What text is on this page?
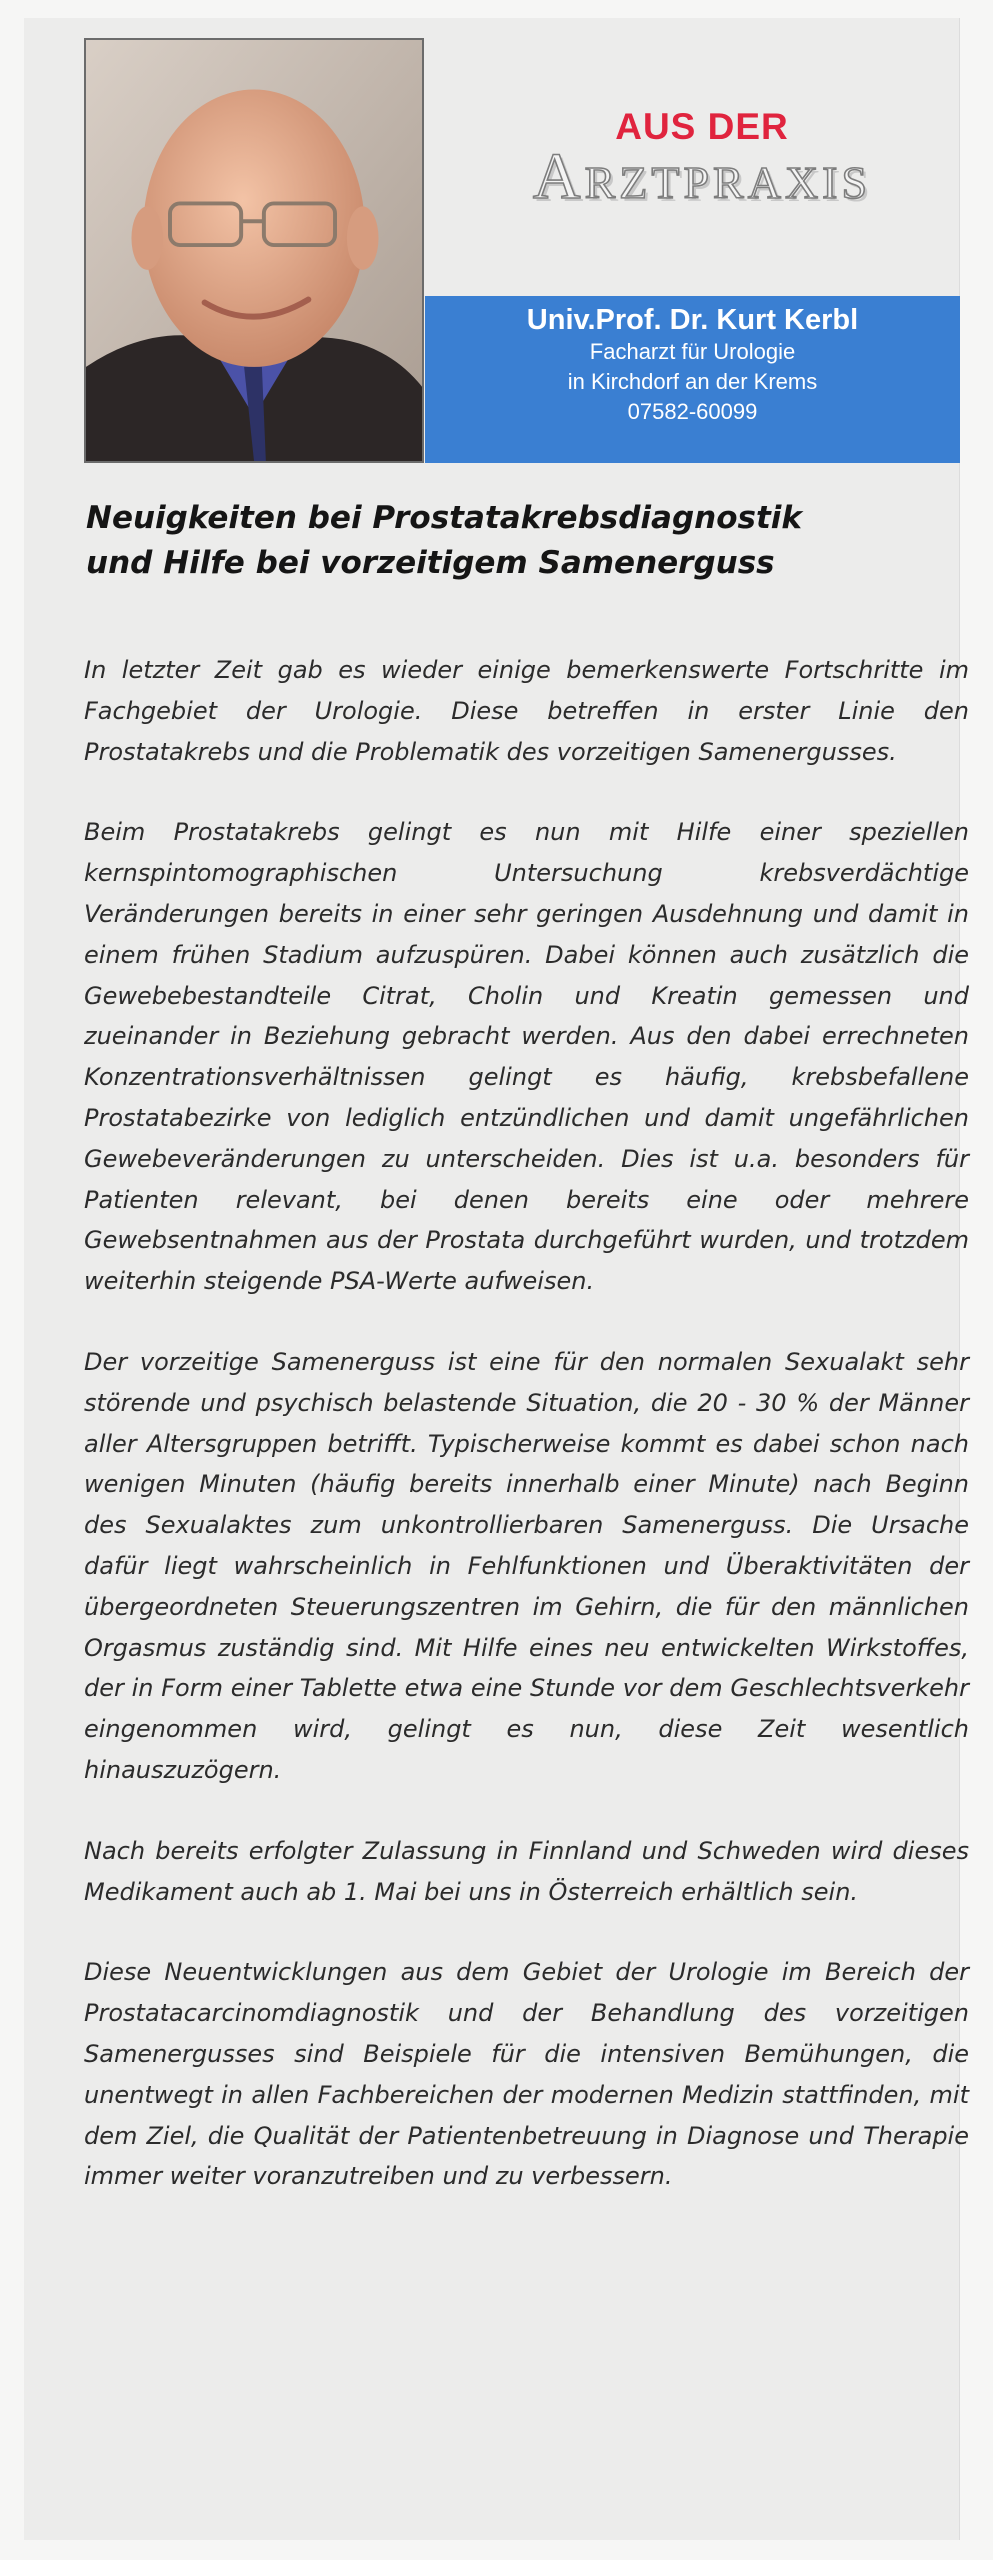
AUS DER
Arztpraxis
Univ.Prof. Dr. Kurt Kerbl
Facharzt für Urologie
in Kirchdorf an der Krems
07582-60099
Neuigkeiten bei Prostatakrebsdiagnostik
und Hilfe bei vorzeitigem Samenerguss

In letzter Zeit gab es wieder einige bemerkenswerte Fortschritte im Fachgebiet der Urologie. Diese betreffen in erster Linie den Prostatakrebs und die Problematik des vorzeitigen Samenergusses.

Beim Prostatakrebs gelingt es nun mit Hilfe einer speziellen kernspintomographischen Untersuchung krebsverdächtige Veränderungen bereits in einer sehr geringen Ausdehnung und damit in einem frühen Stadium aufzuspüren. Dabei können auch zusätzlich die Gewebebestandteile Citrat, Cholin und Kreatin gemessen und zueinander in Beziehung gebracht werden. Aus den dabei errechneten Konzentrationsverhältnissen gelingt es häufig, krebsbefallene Prostatabezirke von lediglich entzündlichen und damit ungefährlichen Gewebeveränderungen zu unterscheiden. Dies ist u.a. besonders für Patienten relevant, bei denen bereits eine oder mehrere Gewebsentnahmen aus der Prostata durchgeführt wurden, und trotzdem weiterhin steigende PSA-Werte aufweisen.

Der vorzeitige Samenerguss ist eine für den normalen Sexualakt sehr störende und psychisch belastende Situation, die 20 - 30 % der Männer aller Altersgruppen betrifft. Typischerweise kommt es dabei schon nach wenigen Minuten (häufig bereits innerhalb einer Minute) nach Beginn des Sexualaktes zum unkontrollierbaren Samenerguss. Die Ursache dafür liegt wahrscheinlich in Fehlfunktionen und Überaktivitäten der übergeordneten Steuerungszentren im Gehirn, die für den männlichen Orgasmus zuständig sind. Mit Hilfe eines neu entwickelten Wirkstoffes, der in Form einer Tablette etwa eine Stunde vor dem Geschlechtsverkehr eingenommen wird, gelingt es nun, diese Zeit wesentlich hinauszuzögern.

Nach bereits erfolgter Zulassung in Finnland und Schweden wird dieses Medikament auch ab 1. Mai bei uns in Österreich erhältlich sein.

Diese Neuentwicklungen aus dem Gebiet der Urologie im Bereich der Prostatacarcinomdiagnostik und der Behandlung des vorzeitigen Samenergusses sind Beispiele für die intensiven Bemühungen, die unentwegt in allen Fachbereichen der modernen Medizin stattfinden, mit dem Ziel, die Qualität der Patientenbetreuung in Diagnose und Therapie immer weiter voranzutreiben und zu verbessern.
